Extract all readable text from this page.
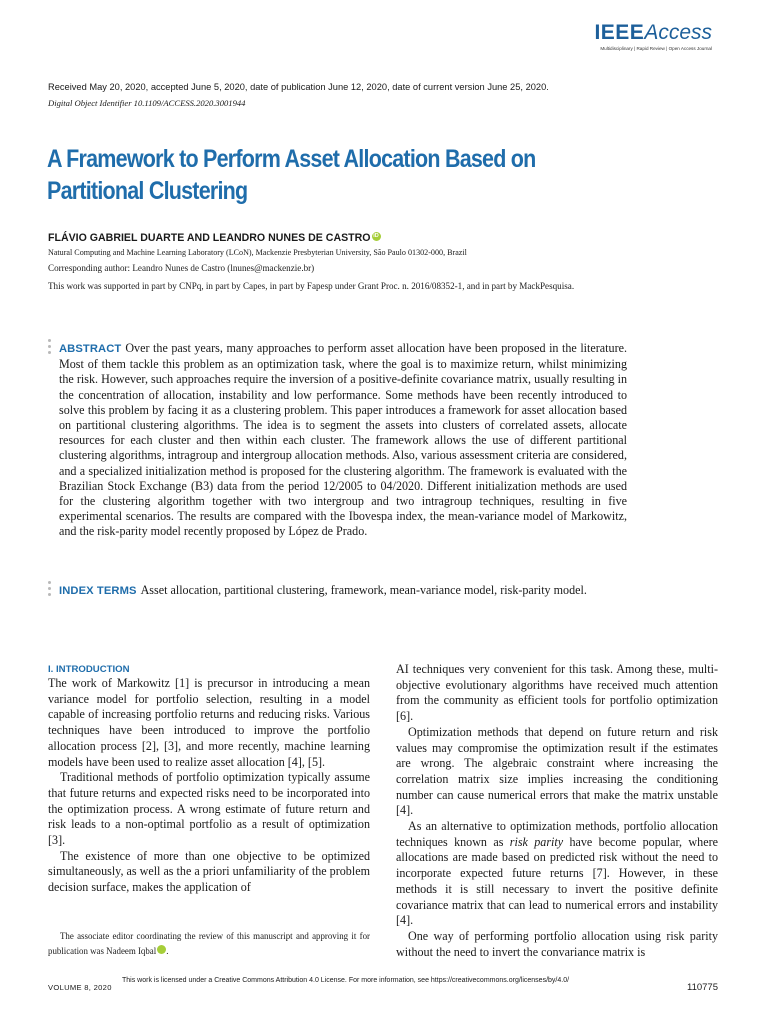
IEEEAccess
Multidisciplinary | Rapid Review | Open Access Journal
Received May 20, 2020, accepted June 5, 2020, date of publication June 12, 2020, date of current version June 25, 2020.
Digital Object Identifier 10.1109/ACCESS.2020.3001944
A Framework to Perform Asset Allocation Based on Partitional Clustering
FLÁVIO GABRIEL DUARTE AND LEANDRO NUNES DE CASTRO iD
Natural Computing and Machine Learning Laboratory (LCoN), Mackenzie Presbyterian University, São Paulo 01302-000, Brazil
Corresponding author: Leandro Nunes de Castro (lnunes@mackenzie.br)
This work was supported in part by CNPq, in part by Capes, in part by Fapesp under Grant Proc. n. 2016/08352-1, and in part by MackPesquisa.
ABSTRACT Over the past years, many approaches to perform asset allocation have been proposed in the literature. Most of them tackle this problem as an optimization task, where the goal is to maximize return, whilst minimizing the risk. However, such approaches require the inversion of a positive-definite covariance matrix, usually resulting in the concentration of allocation, instability and low performance. Some methods have been recently introduced to solve this problem by facing it as a clustering problem. This paper introduces a framework for asset allocation based on partitional clustering algorithms. The idea is to segment the assets into clusters of correlated assets, allocate resources for each cluster and then within each cluster. The framework allows the use of different partitional clustering algorithms, intragroup and intergroup allocation methods. Also, various assessment criteria are considered, and a specialized initialization method is proposed for the clustering algorithm. The framework is evaluated with the Brazilian Stock Exchange (B3) data from the period 12/2005 to 04/2020. Different initialization methods are used for the clustering algorithm together with two intergroup and two intragroup techniques, resulting in five experimental scenarios. The results are compared with the Ibovespa index, the mean-variance model of Markowitz, and the risk-parity model recently proposed by López de Prado.
INDEX TERMS Asset allocation, partitional clustering, framework, mean-variance model, risk-parity model.
I. INTRODUCTION

The work of Markowitz [1] is precursor in introducing a mean variance model for portfolio selection, resulting in a model capable of increasing portfolio returns and reducing risks. Various techniques have been introduced to improve the portfolio allocation process [2], [3], and more recently, machine learning models have been used to realize asset allocation [4], [5].

Traditional methods of portfolio optimization typically assume that future returns and expected risks need to be incorporated into the optimization process. A wrong estimate of future return and risk leads to a non-optimal portfolio as a result of optimization [3].

The existence of more than one objective to be optimized simultaneously, as well as the a priori unfamiliarity of the problem decision surface, makes the application of

AI techniques very convenient for this task. Among these, multi-objective evolutionary algorithms have received much attention from the community as efficient tools for portfolio optimization [6].

Optimization methods that depend on future return and risk values may compromise the optimization result if the estimates are wrong. The algebraic constraint where increasing the correlation matrix size implies increasing the conditioning number can cause numerical errors that make the matrix unstable [4].

As an alternative to optimization methods, portfolio allocation techniques known as risk parity have become popular, where allocations are made based on predicted risk without the need to incorporate expected future returns [7]. However, in these methods it is still necessary to invert the positive definite covariance matrix that can lead to numerical errors and instability [4].

One way of performing portfolio allocation using risk parity without the need to invert the convariance matrix is

The associate editor coordinating the review of this manuscript and approving it for publication was Nadeem Iqbal iD.
VOLUME 8, 2020
This work is licensed under a Creative Commons Attribution 4.0 License. For more information, see https://creativecommons.org/licenses/by/4.0/
110775
